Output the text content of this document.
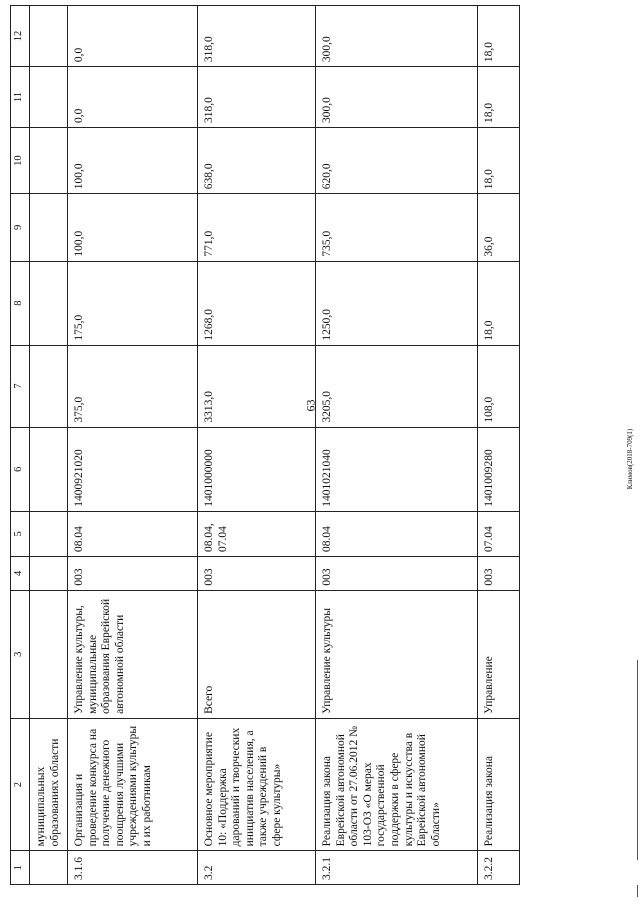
63
Климов(2018-709(1)
1	2	3	4	5	6	7	8	9	10	11	12
	муниципальных образованиях области										
3.1.6	Организация и проведение конкурса на получение денежного поощрения лучшими учреждениями культуры и их работникам	Управление культуры, муниципальные образования Еврейской автономной области	003	08.04	1400921020	375,0	175,0	100,0	100,0	0,0	0,0
3.2	Основное мероприятие 10: «Поддержка дарований и творческих инициатив населения, а также учреждений в сфере культуры»	Всего	003	08.04, 07.04	1401000000	3313,0	1268,0	771,0	638,0	318,0	318,0
3.2.1	Реализация закона Еврейской автономной области от 27.06.2012 № 103-ОЗ «О мерах государственной поддержки в сфере культуры и искусства в Еврейской автономной области»	Управление культуры	003	08.04	1401021040	3205,0	1250,0	735,0	620,0	300,0	300,0
3.2.2	Реализация закона	Управление	003	07.04	1401009280	108,0	18,0	36,0	18,0	18,0	18,0
